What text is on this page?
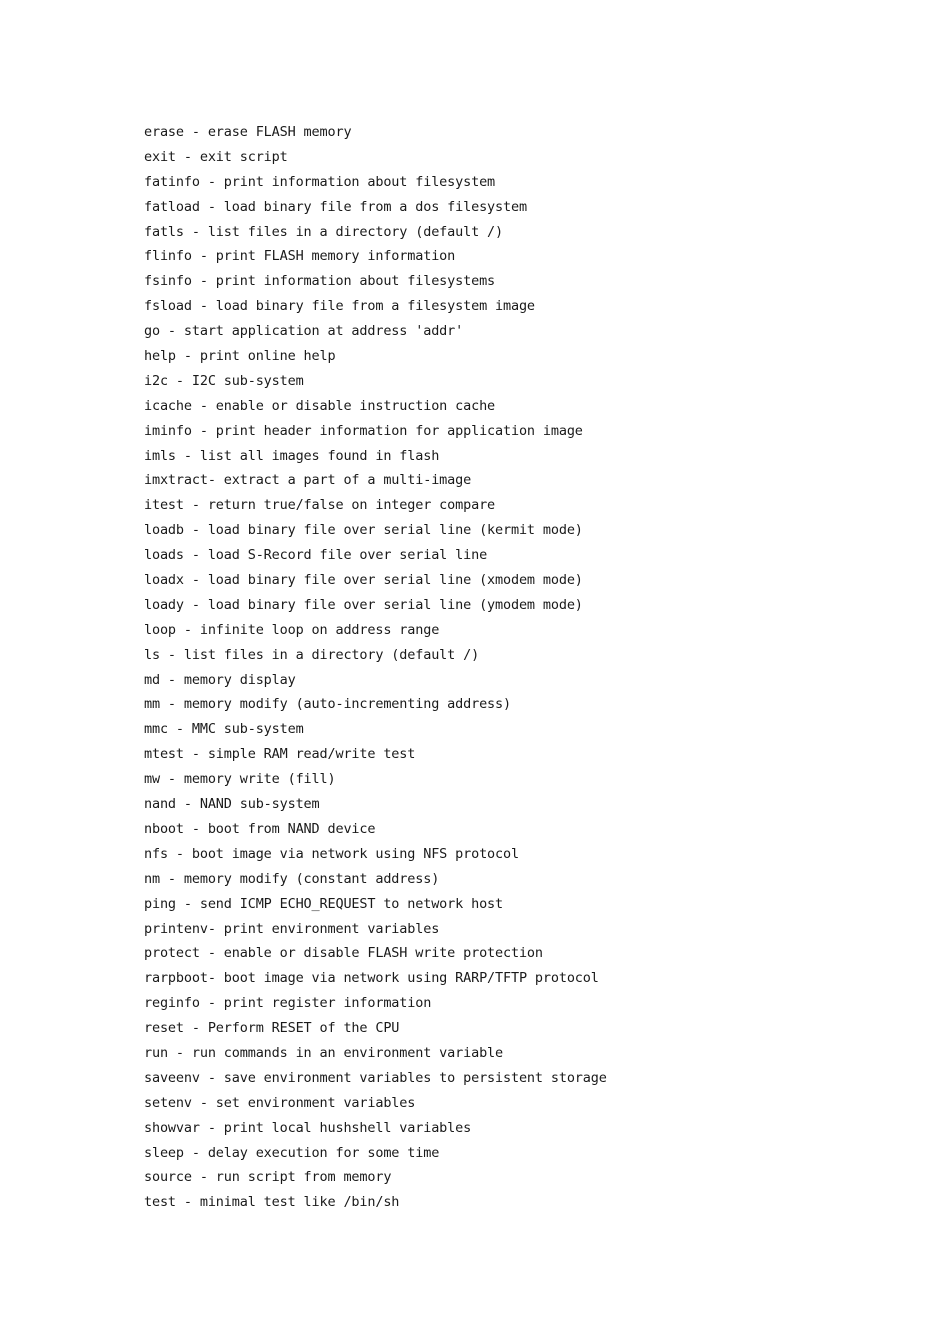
erase - erase FLASH memory
exit - exit script
fatinfo - print information about filesystem
fatload - load binary file from a dos filesystem
fatls - list files in a directory (default /)
flinfo - print FLASH memory information
fsinfo - print information about filesystems
fsload - load binary file from a filesystem image
go - start application at address 'addr'
help - print online help
i2c - I2C sub-system
icache - enable or disable instruction cache
iminfo - print header information for application image
imls - list all images found in flash
imxtract- extract a part of a multi-image
itest - return true/false on integer compare
loadb - load binary file over serial line (kermit mode)
loads - load S-Record file over serial line
loadx - load binary file over serial line (xmodem mode)
loady - load binary file over serial line (ymodem mode)
loop - infinite loop on address range
ls - list files in a directory (default /)
md - memory display
mm - memory modify (auto-incrementing address)
mmc - MMC sub-system
mtest - simple RAM read/write test
mw - memory write (fill)
nand - NAND sub-system
nboot - boot from NAND device
nfs - boot image via network using NFS protocol
nm - memory modify (constant address)
ping - send ICMP ECHO_REQUEST to network host
printenv- print environment variables
protect - enable or disable FLASH write protection
rarpboot- boot image via network using RARP/TFTP protocol
reginfo - print register information
reset - Perform RESET of the CPU
run - run commands in an environment variable
saveenv - save environment variables to persistent storage
setenv - set environment variables
showvar - print local hushshell variables
sleep - delay execution for some time
source - run script from memory
test - minimal test like /bin/sh
